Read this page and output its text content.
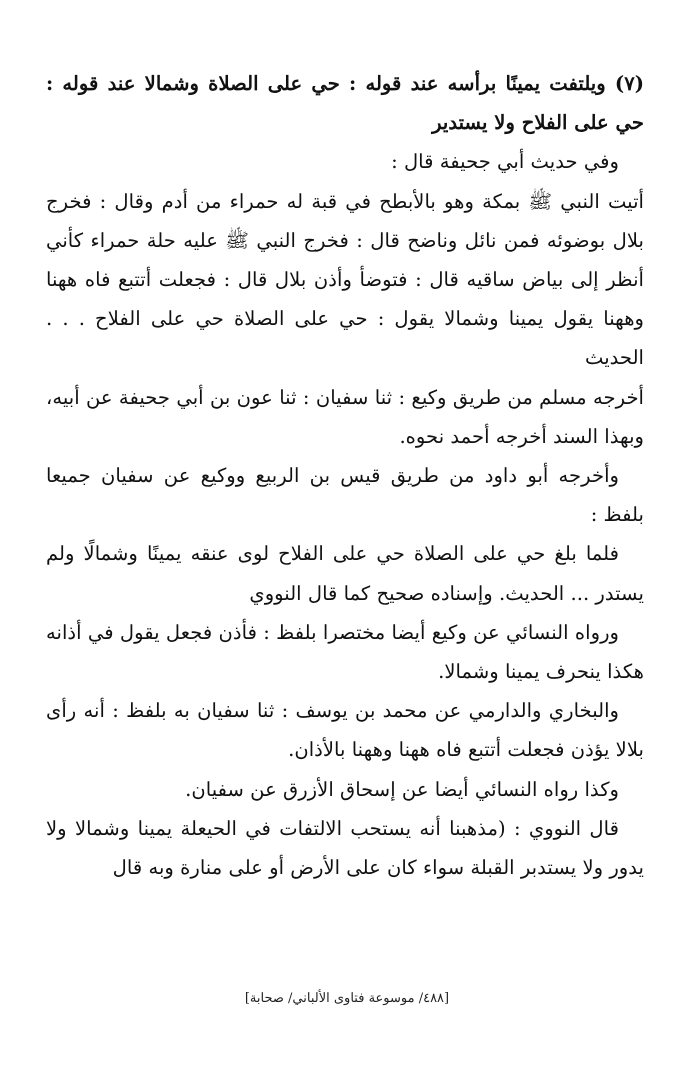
(٧) ويلتفت يمينًا برأسه عند قوله : حي على الصلاة وشمالا عند قوله : حي على الفلاح ولا يستدير

وفي حديث أبي جحيفة قال :

أتيت النبي ﷺ بمكة وهو بالأبطح في قبة له حمراء من أدم وقال : فخرج بلال بوضوئه فمن نائل وناضح قال : فخرج النبي ﷺ عليه حلة حمراء كأني أنظر إلى بياض ساقيه قال : فتوضأ وأذن بلال قال : فجعلت أتتبع فاه ههنا وههنا يقول يمينا وشمالا يقول : حي على الصلاة حي على الفلاح . . . الحديث

أخرجه مسلم من طريق وكيع : ثنا سفيان : ثنا عون بن أبي جحيفة عن أبيه، وبهذا السند أخرجه أحمد نحوه.

وأخرجه أبو داود من طريق قيس بن الربيع ووكيع عن سفيان جميعا بلفظ :

فلما بلغ حي على الصلاة حي على الفلاح لوى عنقه يمينًا وشمالًا ولم يستدر ... الحديث. وإسناده صحيح كما قال النووي

ورواه النسائي عن وكيع أيضا مختصرا بلفظ : فأذن فجعل يقول في أذانه هكذا ينحرف يمينا وشمالا.

والبخاري والدارمي عن محمد بن يوسف : ثنا سفيان به بلفظ : أنه رأى بلالا يؤذن فجعلت أتتبع فاه ههنا وههنا بالأذان.

وكذا رواه النسائي أيضا عن إسحاق الأزرق عن سفيان.

قال النووي : (مذهبنا أنه يستحب الالتفات في الحيعلة يمينا وشمالا ولا يدور ولا يستدبر القبلة سواء كان على الأرض أو على منارة وبه قال

[٤٨٨/ موسوعة فتاوى الألباني/ صحابة]
